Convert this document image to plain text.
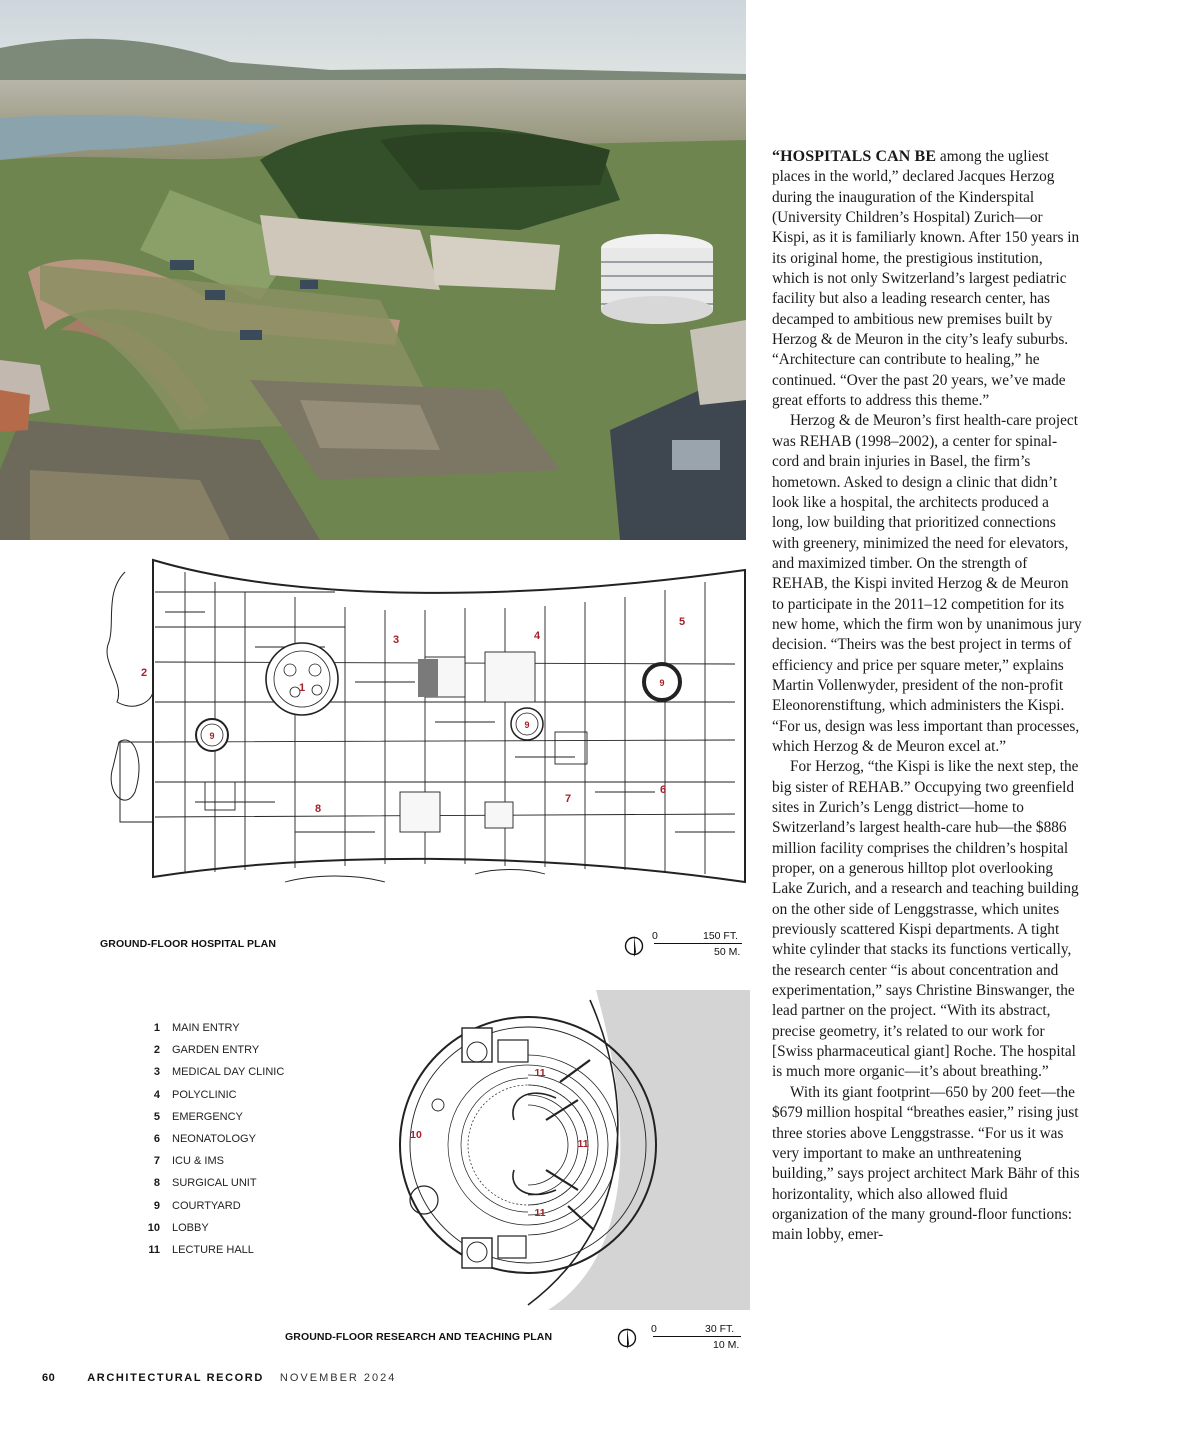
“HOSPITALS CAN BE among the ugliest places in the world,” declared Jacques Herzog during the inauguration of the Kinderspital (University Children’s Hospital) Zurich—or Kispi, as it is familiarly known. After 150 years in its original home, the prestigious institution, which is not only Switzerland’s largest pediatric facility but also a leading research center, has decamped to ambitious new premises built by Herzog & de Meuron in the city’s leafy suburbs. “Architecture can contribute to healing,” he continued. “Over the past 20 years, we’ve made great efforts to address this theme.”

Herzog & de Meuron’s first health-care project was REHAB (1998–2002), a center for spinal-cord and brain injuries in Basel, the firm’s hometown. Asked to design a clinic that didn’t look like a hospital, the architects produced a long, low building that prioritized connections with greenery, minimized the need for elevators, and maximized timber. On the strength of REHAB, the Kispi invited Herzog & de Meuron to participate in the 2011–12 competition for its new home, which the firm won by unanimous jury decision. “Theirs was the best project in terms of efficiency and price per square meter,” explains Martin Vollenwyder, president of the non-profit Eleonorenstiftung, which administers the Kispi. “For us, design was less important than processes, which Herzog & de Meuron excel at.”

For Herzog, “the Kispi is like the next step, the big sister of REHAB.” Occupying two greenfield sites in Zurich’s Lengg district—home to Switzerland’s largest health-care hub—the $886 million facility comprises the children’s hospital proper, on a generous hilltop plot overlooking Lake Zurich, and a research and teaching building on the other side of Lenggstrasse, which unites previously scattered Kispi departments. A tight white cylinder that stacks its functions vertically, the research center “is about concentration and experimentation,” says Christine Binswanger, the lead partner on the project. “With its abstract, precise geometry, it’s related to our work for [Swiss pharmaceutical giant] Roche. The hospital is much more organic—it’s about breathing.”

With its giant footprint—650 by 200 feet—the $679 million hospital “breathes easier,” rising just three stories above Lenggstrasse. “For us it was very important to make an unthreatening building,” says project architect Mark Bähr of this horizontality, which also allowed fluid organization of the many ground-floor functions: main lobby, emer-

1
2
3	4
5
6
7
8
9
9
9
GROUND-FLOOR HOSPITAL PLAN
0	150 FT.
50 M.
1	MAIN ENTRY
2	GARDEN ENTRY
3	MEDICAL DAY CLINIC
4	POLYCLINIC
5	EMERGENCY
6	NEONATOLOGY
7	ICU & IMS
8	SURGICAL UNIT
9	COURTYARD
10	LOBBY
11	LECTURE HALL
10
11
11
11
GROUND-FLOOR RESEARCH AND TEACHING PLAN
0	30 FT.
10 M.
60	ARCHITECTURAL RECORD NOVEMBER 2024
